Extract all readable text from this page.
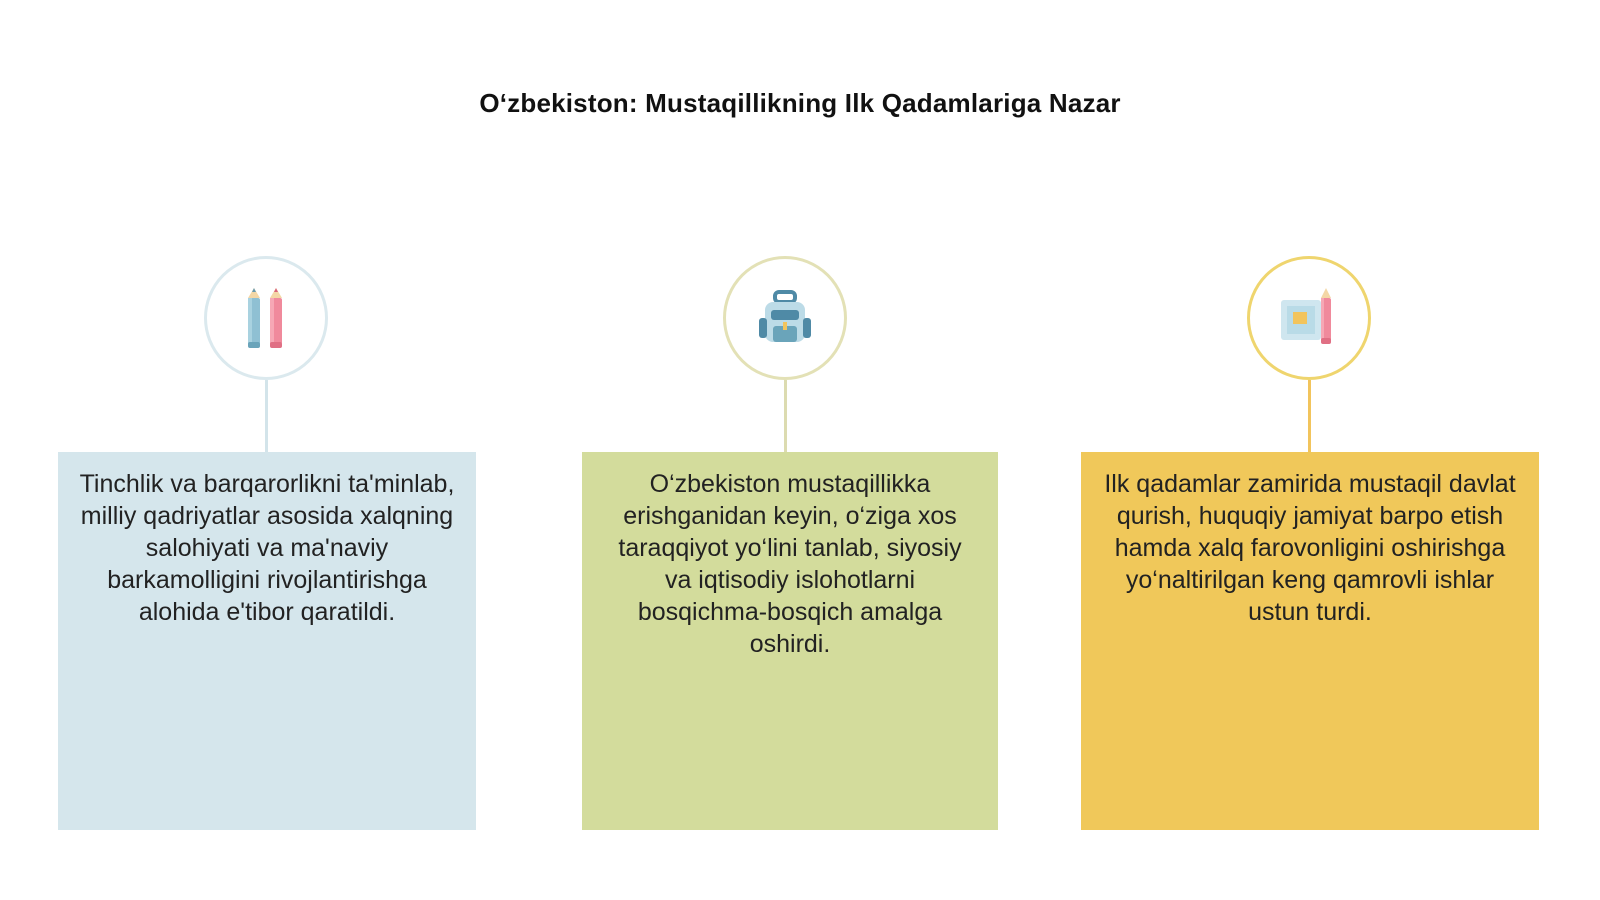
O‘zbekiston: Mustaqillikning Ilk Qadamlariga Nazar
Tinchlik va barqarorlikni ta'minlab, milliy qadriyatlar asosida xalqning salohiyati va ma'naviy barkamolligini rivojlantirishga alohida e'tibor qaratildi.
O‘zbekiston mustaqillikka erishganidan keyin, o‘ziga xos taraqqiyot yo‘lini tanlab, siyosiy va iqtisodiy islohotlarni bosqichma-bosqich amalga oshirdi.
Ilk qadamlar zamirida mustaqil davlat qurish, huquqiy jamiyat barpo etish hamda xalq farovonligini oshirishga yo‘naltirilgan keng qamrovli ishlar ustun turdi.
